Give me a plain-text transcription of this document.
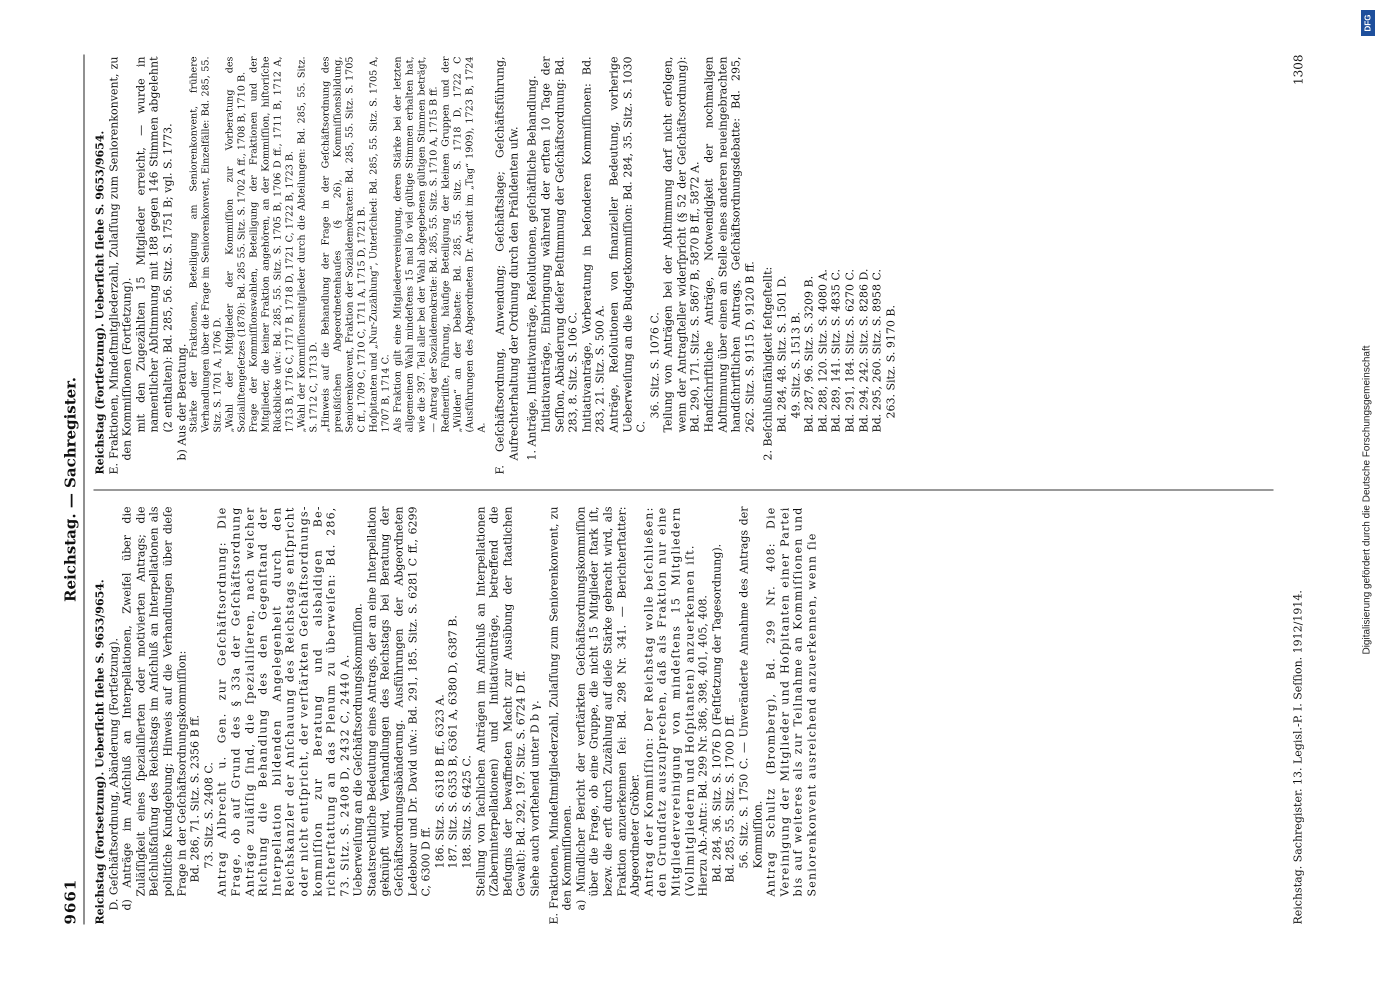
9661
Reichstag. — Sachregister.
Reichstag (Fortsetzung). Ueberſicht ſiehe S. 9653/9654. D. Geſchäftsordnung, Abänderung (Fortſetzung). d) Anträge im Anſchluß an Interpellationen, Zweifel über die Zuläſſigkeit eines ſpezialiſierten oder motivierten Antrags; die Beſchlußfaſſung des Reichstags im Anſchluß an Interpellationen als politiſche Kundgebung; Hinweis auf die Verhandlungen über dieſe Frage in der Geſchäftsordnungskommiſſion: Bd. 286, 71. Sitz. S. 2356 B ff. 73. Sitz. S. 2408 C. Antrag Albrecht u. Gen. zur Geſchäftsordnung: Die Frage, ob auf Grund des § 33a der Geſchäftsordnung Anträge zuläſſig ſind, die ſpezialiſieren, nach welcher Richtung die Behandlung des den Gegenſtand der Interpellation bildenden Angelegenheit durch den Reichskanzler der Anſchauung des Reichstags entſpricht oder nicht entſpricht, der verſtärkten Geſchäftsordnungskommiſſion zur Beratung und alsbaldigen Berichterſtattung an das Plenum zu überweiſen: Bd. 286, 73. Sitz. S. 2408 D, 2432 C, 2440 A. Ueberweiſung an die Geſchäftsordnungskommiſſion. Staatsrechtliche Bedeutung eines Antrags, der an eine Interpellation geknüpft wird, Verhandlungen des Reichstags bei Beratung der Geſchäftsordnungsabänderung. Ausführungen der Abgeordneten Ledebour und Dr. David uſw.: Bd. 291, 185. Sitz. S. 6281 C ff., 6299 C, 6300 D ff. 186. Sitz. S. 6318 B ff., 6323 A. 187. Sitz. S. 6353 B, 6361 A, 6380 D, 6387 B. 188. Sitz. S. 6425 C. Stellung von ſachlichen Anträgen im Anſchluß an Interpellationen (Zaberninterpellationen) und Initiativanträge, betreffend die Befugnis der bewaffneten Macht zur Ausübung der ſtaatlichen Gewalt): Bd. 292, 197. Sitz. S. 6724 D ff. Siehe auch vorſtehend unter D b γ. E. Fraktionen, Mindeſtmitgliederzahl, Zulaſſung zum Seniorenkonvent, zu den Kommiſſionen. a) Mündlicher Bericht der verſtärkten Geſchäftsordnungskommiſſion über die Frage, ob eine Gruppe, die nicht 15 Mitglieder ſtark iſt, bezw. die erſt durch Zuzählung auf dieſe Stärke gebracht wird, als Fraktion anzuerkennen ſei: Bd. 298 Nr. 341. — Berichterſtatter: Abgeordneter Gröber. Antrag der Kommiſſion: Der Reichstag wolle beſchließen: den Grundſatz auszuſprechen, daß als Fraktion nur eine Mitgliedervereinigung von mindeſtens 15 Mitgliedern (Vollmitgliedern und Hoſpitanten) anzuerkennen iſt. Hierzu Ab.-Antr.: Bd. 299 Nr. 386, 398, 401, 405, 408. Bd. 284, 36. Sitz. S. 1076 D (Feſtſetzung der Tagesordnung). Bd. 285, 55. Sitz. S. 1700 D ff. 56. Sitz. S. 1750 C. — Unveränderte Annahme des Antrags der Kommiſſion. Antrag Schultz (Bromberg), Bd. 299 Nr. 408: Die Vereinigung der Mitglieder und Hoſpitanten einer Partei bis auf weiteres als zur Teilnahme an Kommiſſionen und Seniorenkonvent ausreichend anzuerkennen, wenn ſie
Reichstag (Fortſetzung). Ueberſicht ſiehe S. 9653/9654. E. Fraktionen, Mindeſtmitgliederzahl, Zulaſſung zum Seniorenkonvent, zu den Kommiſſionen (Fortſetzung). mit den Zugezählten 15 Mitglieder erreicht, — wurde in namentlicher Abſtimmung mit 188 gegen 146 Stimmen abgelehnt (2 enthalten): Bd. 285, 56. Sitz. S. 1751 B; vgl. S. 1773. b) Aus der Beratung. Stärke der Fraktionen, Beteiligung am Seniorenkonvent, frühere Verhandlungen über die Frage im Seniorenkonvent, Einzelfälle: Bd. 285, 55. Sitz. S. 1701 A, 1706 D. „Wahl der Mitglieder der Kommiſſion zur Vorberatung des Sozialiſtengeſetzes (1878): Bd. 285 55. Sitz. S. 1702 A ff., 1708 B, 1710 B. Frage der Kommiſſionswahlen, Beteiligung der Fraktionen und der Mitglieder, die keiner Fraktion angehören, an der Kommiſſion, hiſtoriſche Rückblicke uſw.: Bd. 285, 55. Sitz. S. 1705 B, 1706 D ff., 1711 B, 1712 A, 1713 B, 1716 C, 1717 B, 1718 D, 1721 C, 1722 B, 1723 B. „Wahl der Kommiſſionsmitglieder durch die Abteilungen: Bd. 285, 55. Sitz. S. 1712 C, 1713 D. „Hinweis auf die Behandlung der Frage in der Geſchäftsordnung des preußiſchen Abgeordnetenhauſes (§ 26), Kommiſſionsbildung, Seniorenkonvent, Fraktion der Sozialdemokraten: Bd. 285, 55. Sitz. S. 1705 C ff., 1709 C, 1710 C, 1711 A, 1715 D, 1721 B. Hoſpitanten und „Nur-Zuzählung“, Unterſchied: Bd. 285, 55. Sitz. S. 1705 A, 1707 B, 1714 C. Als Fraktion gilt eine Mitgliedervereinigung, deren Stärke bei der letzten allgemeinen Wahl mindeſtens 15 mal ſo viel gültige Stimmen erhalten hat, wie die 397. Teil aller bei der Wahl abgegebenen gültigen Stimmen beträgt, — Antrag der Sozialdemokratie: Bd. 285, 55. Sitz. S. 1710 A, 1715 B ff. Redneriiſte, Führung, häufige Beteiligung der kleinen Gruppen und der „Wilden“ an der Debatte: Bd. 285, 55. Sitz. S. 1718 D, 1722 C (Ausführungen des Abgeordneten Dr. Arendt im „Tag“ 1909), 1723 B, 1724 A. F. Geſchäftsordnung, Anwendung; Geſchäftslage; Geſchäftsführung, Aufrechterhaltung der Ordnung durch den Präſidenten uſw. 1. Anträge, Initiativanträge, Reſolutionen, geſchäftliche Behandlung. Initiativanträge, Einbringung während der erſten 10 Tage der Seſſion, Abänderung dieſer Beſtimmung der Geſchäftsordnung: Bd. 283, 8. Sitz. S. 106 C. Initiativanträge, Vorberatung in beſonderen Kommiſſionen: Bd. 283, 21. Sitz. S. 500 A. Anträge, Reſolutionen von finanzieller Bedeutung, vorherige Ueberweiſung an die Budgetkommiſſion: Bd. 284, 35. Sitz. S. 1030 C.
36. Sitz. S. 1076 C. Teilung von Anträgen bei der Abſtimmung darf nicht erfolgen, wenn der Antragſteller widerſpricht (§ 52 der Geſchäftsordnung): Bd. 290, 171. Sitz. S. 5867 B, 5870 B ff., 5872 A. Handſchriftliche Anträge, Notwendigkeit der nochmaligen Abſtimmung über einen an Stelle eines anderen neueingebrachten handſchriftlichen Antrags, Geſchäftsordnungsdebatte: Bd. 295, 262. Sitz. S. 9115 D, 9120 B ff. 2. Beſchlußunfähigkeit feſtgeſtellt: Bd. 284, 48. Sitz. S. 1501 D. 49. Sitz. S. 1513 B. Bd. 287, 96. Sitz. S. 3209 B. Bd. 288, 120. Sitz. S. 4080 A. Bd. 289, 141. Sitz. S. 4835 C. Bd. 291, 184. Sitz. S. 6270 C. Bd. 294, 242. Sitz. S. 8286 D. Bd. 295, 260. Sitz. S. 8958 C. 263. Sitz. S. 9170 B.
Reichstag. Sachregister. 13. Legisl.-P. I. Seſſion. 1912/1914.
1308
DFG
Digitalisierung gefördert durch die Deutsche Forschungsgemeinschaft
